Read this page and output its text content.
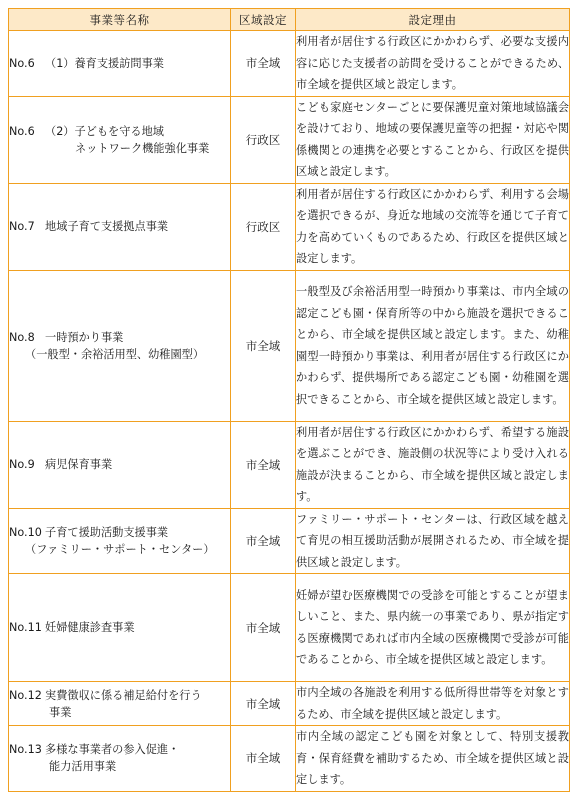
事業等名称	区域設定	設定理由

No.6 （1）養育支援訪問事業	市全域	利用者が居住する行政区にかかわらず、必要な支援内容に応じた支援者の訪問を受けることができるため、市全域を提供区域と設定します。

No.6 （2）子どもを守る地域
ネットワーク機能強化事業	行政区	こども家庭センターごとに要保護児童対策地域協議会を設けており、地域の要保護児童等の把握・対応や関係機関との連携を必要とすることから、行政区を提供区域と設定します。

No.7 地域子育て支援拠点事業	行政区	利用者が居住する行政区にかかわらず、利用する会場を選択できるが、身近な地域の交流等を通じて子育て力を高めていくものであるため、行政区を提供区域と設定します。

No.8 一時預かり事業
（一般型・余裕活用型、幼稚園型）	市全域	一般型及び余裕活用型一時預かり事業は、市内全域の認定こども園・保育所等の中から施設を選択できることから、市全域を提供区域と設定します。また、幼稚園型一時預かり事業は、利用者が居住する行政区にかかわらず、提供場所である認定こども園・幼稚園を選択できることから、市全域を提供区域と設定します。

No.9 病児保育事業	市全域	利用者が居住する行政区にかかわらず、希望する施設を選ぶことができ、施設側の状況等により受け入れる施設が決まることから、市全域を提供区域と設定します。

No.10 子育て援助活動支援事業
（ファミリー・サポート・センター）	市全域	ファミリー・サポート・センターは、行政区域を越えて育児の相互援助活動が展開されるため、市全域を提供区域と設定します。

No.11 妊婦健康診査事業	市全域	妊婦が望む医療機関での受診を可能とすることが望ましいこと、また、県内統一の事業であり、県が指定する医療機関であれば市内全域の医療機関で受診が可能であることから、市全域を提供区域と設定します。

No.12 実費徴収に係る補足給付を行う
事業	市全域	市内全域の各施設を利用する低所得世帯等を対象とするため、市全域を提供区域と設定します。

No.13 多様な事業者の参入促進・
能力活用事業	市全域	市内全域の認定こども園を対象として、特別支援教育・保育経費を補助するため、市全域を提供区域と設定します。
